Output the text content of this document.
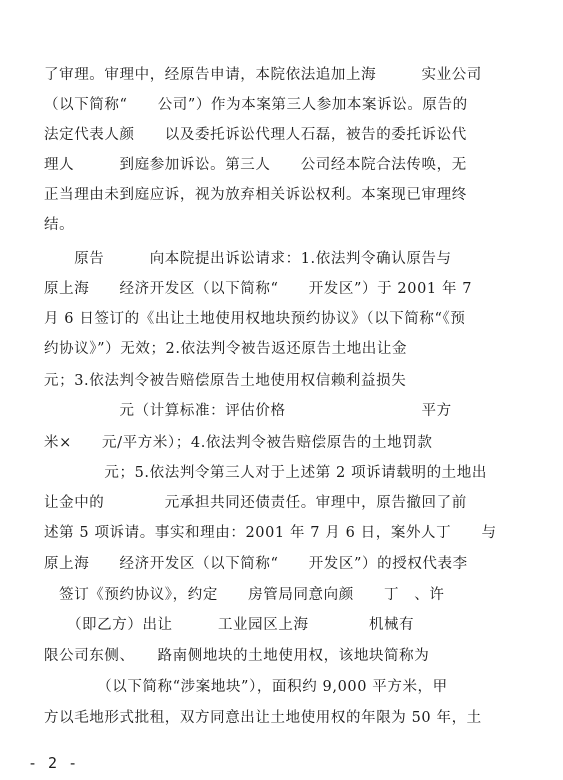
了审理。审理中，经原告申请，本院依法追加上海　　　实业公司
（以下简称“　　公司”）作为本案第三人参加本案诉讼。原告的
法定代表人颜　　以及委托诉讼代理人石磊，被告的委托诉讼代
理人　　　到庭参加诉讼。第三人　　公司经本院合法传唤，无
正当理由未到庭应诉，视为放弃相关诉讼权利。本案现已审理终
结。
　　原告　　　向本院提出诉讼请求：1.依法判令确认原告与
原上海　　经济开发区（以下简称“　　开发区”）于 2001 年 7
月 6 日签订的《出让土地使用权地块预约协议》（以下简称“《预
约协议》”）无效；2.依法判令被告返还原告土地出让金
元；3.依法判令被告赔偿原告土地使用权信赖利益损失
　　　　　元（计算标准：评估价格　　　　　　　　　平方
米×　　元/平方米）；4.依法判令被告赔偿原告的土地罚款
　　　　元；5.依法判令第三人对于上述第 2 项诉请载明的土地出
让金中的　　　　元承担共同还债责任。审理中，原告撤回了前
述第 5 项诉请。事实和理由：2001 年 7 月 6 日，案外人丁　　与
原上海　　经济开发区（以下简称“　　开发区”）的授权代表李
　签订《预约协议》，约定　　房管局同意向颜　　丁　、许
　　（即乙方）出让　　　工业园区上海　　　　机械有
限公司东侧、　　路南侧地块的土地使用权，该地块简称为
　　　　（以下简称“涉案地块”），面积约 9,000 平方米，甲
方以毛地形式批租，双方同意出让土地使用权的年限为 50 年，土
- 2 -
